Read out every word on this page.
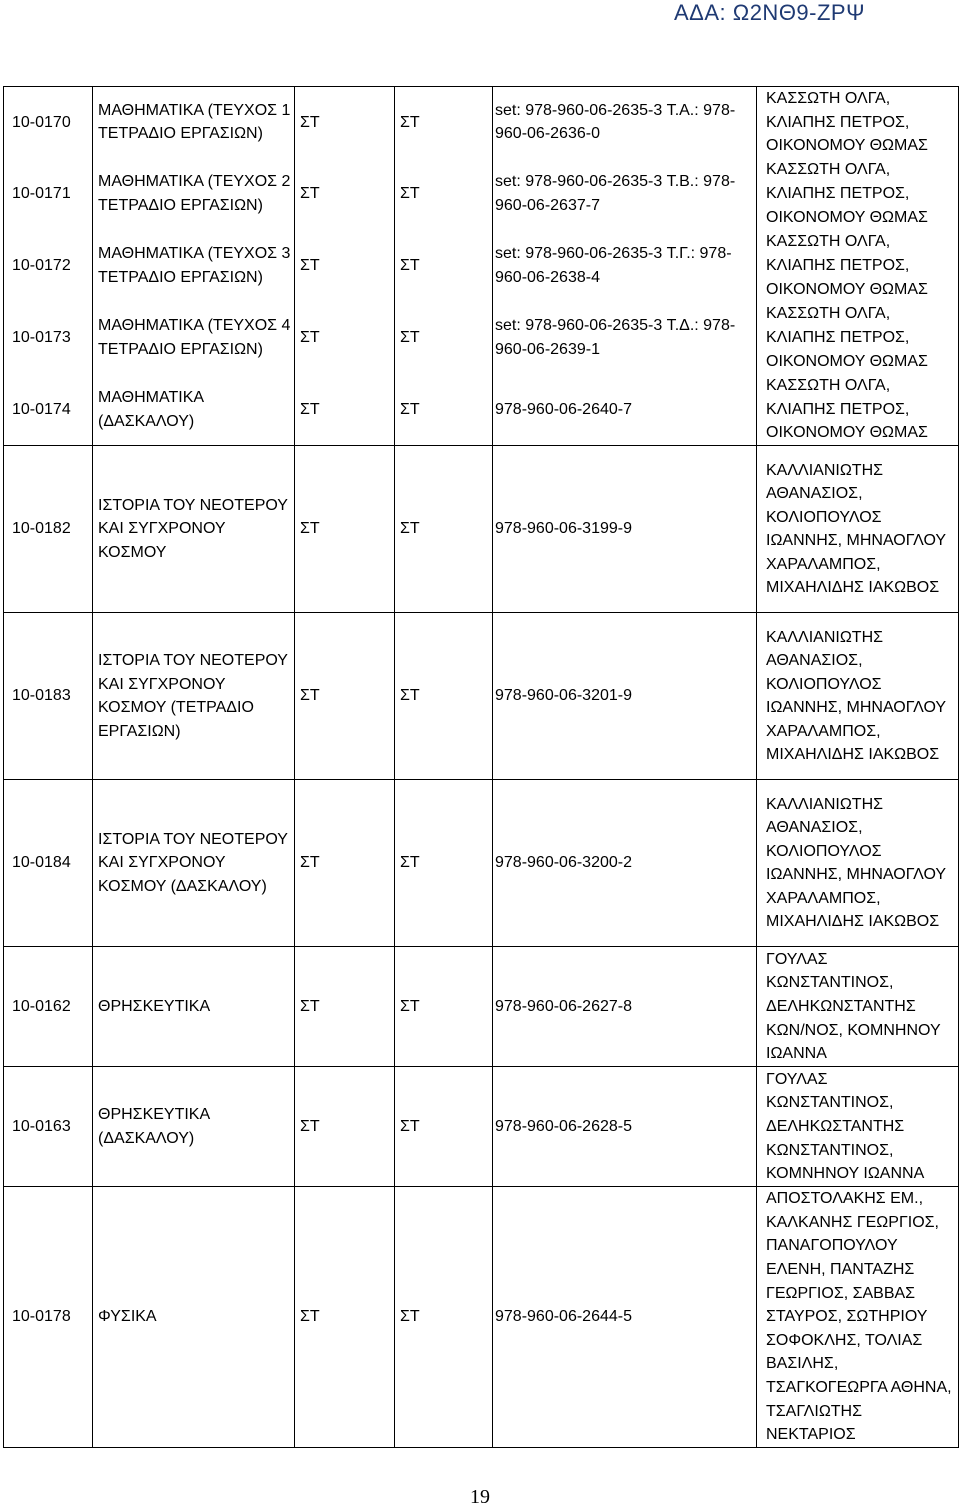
ΑΔΑ: Ω2ΝΘ9-ΖΡΨ
10-0170	ΜΑΘΗΜΑΤΙΚΑ (ΤΕΥΧΟΣ 1 ΤΕΤΡΑΔΙΟ ΕΡΓΑΣΙΩΝ)	ΣΤ	ΣΤ	set: 978-960-06-2635-3 Τ.Α.: 978-960-06-2636-0	ΚΑΣΣΩΤΗ ΟΛΓΑ, ΚΛΙΑΠΗΣ ΠΕΤΡΟΣ, ΟΙΚΟΝΟΜΟΥ ΘΩΜΑΣ
10-0171	ΜΑΘΗΜΑΤΙΚΑ (ΤΕΥΧΟΣ 2 ΤΕΤΡΑΔΙΟ ΕΡΓΑΣΙΩΝ)	ΣΤ	ΣΤ	set: 978-960-06-2635-3 Τ.Β.: 978-960-06-2637-7	ΚΑΣΣΩΤΗ ΟΛΓΑ, ΚΛΙΑΠΗΣ ΠΕΤΡΟΣ, ΟΙΚΟΝΟΜΟΥ ΘΩΜΑΣ
10-0172	ΜΑΘΗΜΑΤΙΚΑ (ΤΕΥΧΟΣ 3 ΤΕΤΡΑΔΙΟ ΕΡΓΑΣΙΩΝ)	ΣΤ	ΣΤ	set: 978-960-06-2635-3 Τ.Γ.: 978-960-06-2638-4	ΚΑΣΣΩΤΗ ΟΛΓΑ, ΚΛΙΑΠΗΣ ΠΕΤΡΟΣ, ΟΙΚΟΝΟΜΟΥ ΘΩΜΑΣ
10-0173	ΜΑΘΗΜΑΤΙΚΑ (ΤΕΥΧΟΣ 4 ΤΕΤΡΑΔΙΟ ΕΡΓΑΣΙΩΝ)	ΣΤ	ΣΤ	set: 978-960-06-2635-3 Τ.Δ.: 978-960-06-2639-1	ΚΑΣΣΩΤΗ ΟΛΓΑ, ΚΛΙΑΠΗΣ ΠΕΤΡΟΣ, ΟΙΚΟΝΟΜΟΥ ΘΩΜΑΣ
10-0174	ΜΑΘΗΜΑΤΙΚΑ (ΔΑΣΚΑΛΟΥ)	ΣΤ	ΣΤ	978-960-06-2640-7	ΚΑΣΣΩΤΗ ΟΛΓΑ, ΚΛΙΑΠΗΣ ΠΕΤΡΟΣ, ΟΙΚΟΝΟΜΟΥ ΘΩΜΑΣ
10-0182	ΙΣΤΟΡΙΑ ΤΟΥ ΝΕΟΤΕΡΟΥ ΚΑΙ ΣΥΓΧΡΟΝΟΥ ΚΟΣΜΟΥ	ΣΤ	ΣΤ	978-960-06-3199-9	ΚΑΛΛΙΑΝΙΩΤΗΣ ΑΘΑΝΑΣΙΟΣ, ΚΟΛΙΟΠΟΥΛΟΣ ΙΩΑΝΝΗΣ, ΜΗΝΑΟΓΛΟΥ ΧΑΡΑΛΑΜΠΟΣ, ΜΙΧΑΗΛΙΔΗΣ ΙΑΚΩΒΟΣ
10-0183	ΙΣΤΟΡΙΑ ΤΟΥ ΝΕΟΤΕΡΟΥ ΚΑΙ ΣΥΓΧΡΟΝΟΥ ΚΟΣΜΟΥ (ΤΕΤΡΑΔΙΟ ΕΡΓΑΣΙΩΝ)	ΣΤ	ΣΤ	978-960-06-3201-9	ΚΑΛΛΙΑΝΙΩΤΗΣ ΑΘΑΝΑΣΙΟΣ, ΚΟΛΙΟΠΟΥΛΟΣ ΙΩΑΝΝΗΣ, ΜΗΝΑΟΓΛΟΥ ΧΑΡΑΛΑΜΠΟΣ, ΜΙΧΑΗΛΙΔΗΣ ΙΑΚΩΒΟΣ
10-0184	ΙΣΤΟΡΙΑ ΤΟΥ ΝΕΟΤΕΡΟΥ ΚΑΙ ΣΥΓΧΡΟΝΟΥ ΚΟΣΜΟΥ (ΔΑΣΚΑΛΟΥ)	ΣΤ	ΣΤ	978-960-06-3200-2	ΚΑΛΛΙΑΝΙΩΤΗΣ ΑΘΑΝΑΣΙΟΣ, ΚΟΛΙΟΠΟΥΛΟΣ ΙΩΑΝΝΗΣ, ΜΗΝΑΟΓΛΟΥ ΧΑΡΑΛΑΜΠΟΣ, ΜΙΧΑΗΛΙΔΗΣ ΙΑΚΩΒΟΣ
10-0162	ΘΡΗΣΚΕΥΤΙΚΑ	ΣΤ	ΣΤ	978-960-06-2627-8	ΓΟΥΛΑΣ ΚΩΝΣΤΑΝΤΙΝΟΣ, ΔΕΛΗΚΩΝΣΤΑΝΤΗΣ ΚΩΝ/ΝΟΣ, ΚΟΜΝΗΝΟΥ ΙΩΑΝΝΑ
10-0163	ΘΡΗΣΚΕΥΤΙΚΑ (ΔΑΣΚΑΛΟΥ)	ΣΤ	ΣΤ	978-960-06-2628-5	ΓΟΥΛΑΣ ΚΩΝΣΤΑΝΤΙΝΟΣ, ΔΕΛΗΚΩΣΤΑΝΤΗΣ ΚΩΝΣΤΑΝΤΙΝΟΣ, ΚΟΜΝΗΝΟΥ ΙΩΑΝΝΑ
10-0178	ΦΥΣΙΚΑ	ΣΤ	ΣΤ	978-960-06-2644-5	ΑΠΟΣΤΟΛΑΚΗΣ ΕΜ., ΚΑΛΚΑΝΗΣ ΓΕΩΡΓΙΟΣ, ΠΑΝΑΓΟΠΟΥΛΟΥ ΕΛΕΝΗ, ΠΑΝΤΑΖΗΣ ΓΕΩΡΓΙΟΣ, ΣΑΒΒΑΣ ΣΤΑΥΡΟΣ, ΣΩΤΗΡΙΟΥ ΣΟΦΟΚΛΗΣ, ΤΟΛΙΑΣ ΒΑΣΙΛΗΣ, ΤΣΑΓΚΟΓΕΩΡΓΑ ΑΘΗΝΑ, ΤΣΑΓΛΙΩΤΗΣ ΝΕΚΤΑΡΙΟΣ
19
